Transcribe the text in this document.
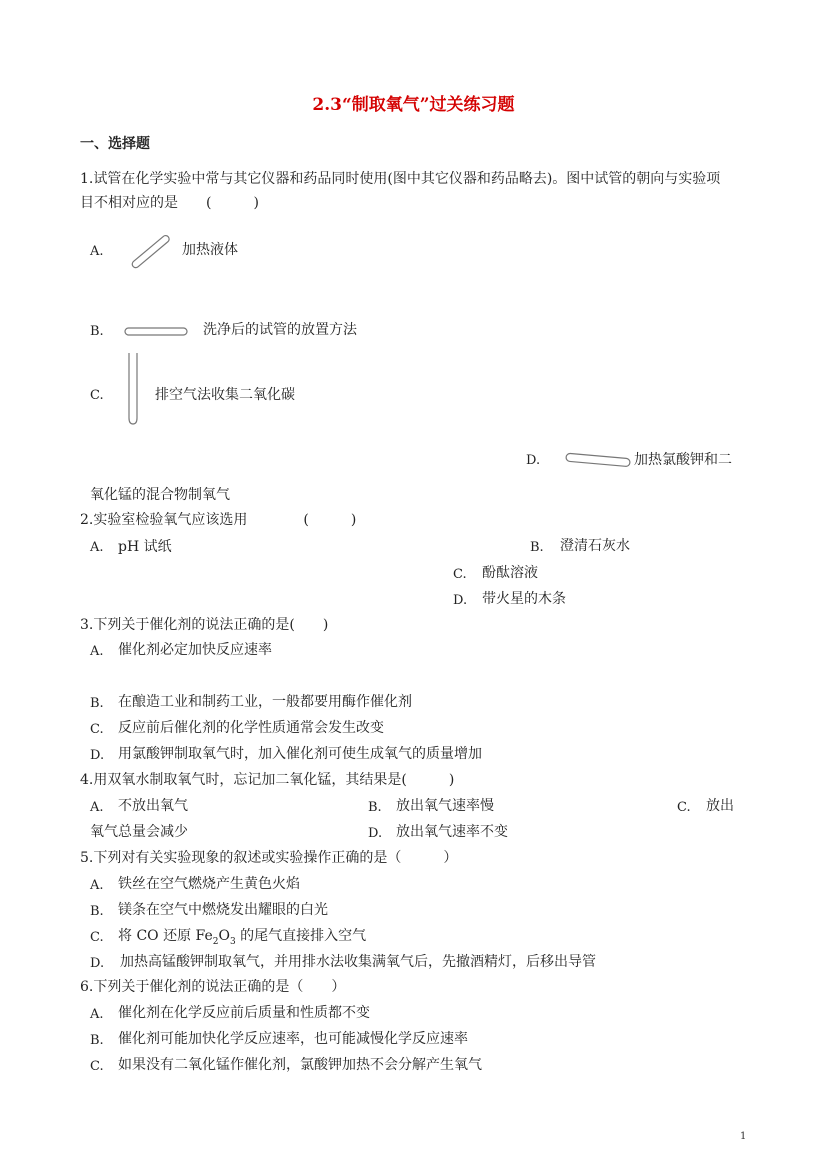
2.3“制取氧气”过关练习题
一、选择题
1.试管在化学实验中常与其它仪器和药品同时使用(图中其它仪器和药品略去)。图中试管的朝向与实验项
目不相对应的是　　(　　　)
A.	加热液体
B.	洗净后的试管的放置方法
C.	排空气法收集二氧化碳
D.	加热氯酸钾和二
氧化锰的混合物制氧气
2.实验室检验氧气应该选用　　　　(　　　)
A. pH 试纸	B. 澄清石灰水
C. 酚酞溶液
D. 带火星的木条
3.下列关于催化剂的说法正确的是(　　)
A. 催化剂必定加快反应速率
B. 在酿造工业和制药工业，一般都要用酶作催化剂
C. 反应前后催化剂的化学性质通常会发生改变
D. 用氯酸钾制取氧气时，加入催化剂可使生成氧气的质量增加
4.用双氧水制取氧气时，忘记加二氧化锰，其结果是(　　　)
A. 不放出氧气	B. 放出氧气速率慢	C. 放出
氧气总量会减少	D. 放出氧气速率不变
5.下列对有关实验现象的叙述或实验操作正确的是（　　　）
A. 铁丝在空气燃烧产生黄色火焰
B. 镁条在空气中燃烧发出耀眼的白光
C. 将 CO 还原 $Fe_2O_3$ 的尾气直接排入空气
D. 加热高锰酸钾制取氧气，并用排水法收集满氧气后，先撤酒精灯，后移出导管
6.下列关于催化剂的说法正确的是（　　）
A. 催化剂在化学反应前后质量和性质都不变
B. 催化剂可能加快化学反应速率，也可能减慢化学反应速率
C. 如果没有二氧化锰作催化剂，氯酸钾加热不会分解产生氧气
1
